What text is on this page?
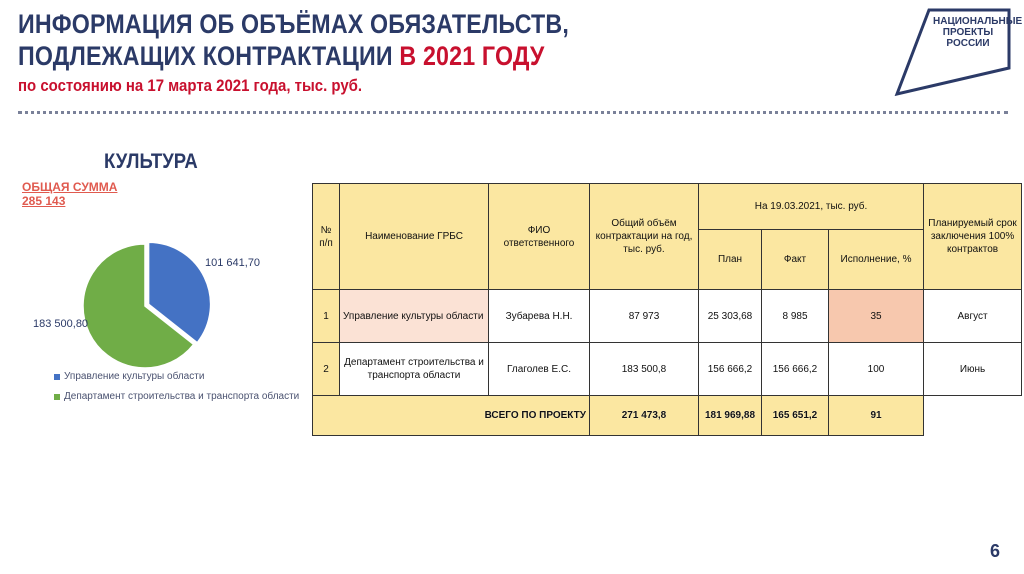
ИНФОРМАЦИЯ ОБ ОБЪЁМАХ ОБЯЗАТЕЛЬСТВ,
ПОДЛЕЖАЩИХ КОНТРАКТАЦИИ В 2021 ГОДУ
по состоянию на 17 марта 2021 года, тыс. руб.
НАЦИОНАЛЬНЫЕ
ПРОЕКТЫ
РОССИИ
КУЛЬТУРА
ОБЩАЯ СУММА
285 143
101 641,70
183 500,80
Управление культуры области
Департамент строительства и транспорта области
№ п/п	Наименование ГРБС	ФИО ответственного	Общий объём контрактации на год, тыс. руб.	На 19.03.2021, тыс. руб.			Планируемый срок заключения 100% контрактов
				План	Факт	Исполнение, %	
1	Управление культуры области	Зубарева Н.Н.	87 973	25 303,68	8 985	35	Август
2	Департамент строительства и транспорта области	Глаголев Е.С.	183 500,8	156 666,2	156 666,2	100	Июнь
ВСЕГО ПО ПРОЕКТУ			271 473,8	181 969,88	165 651,2	91	
6
